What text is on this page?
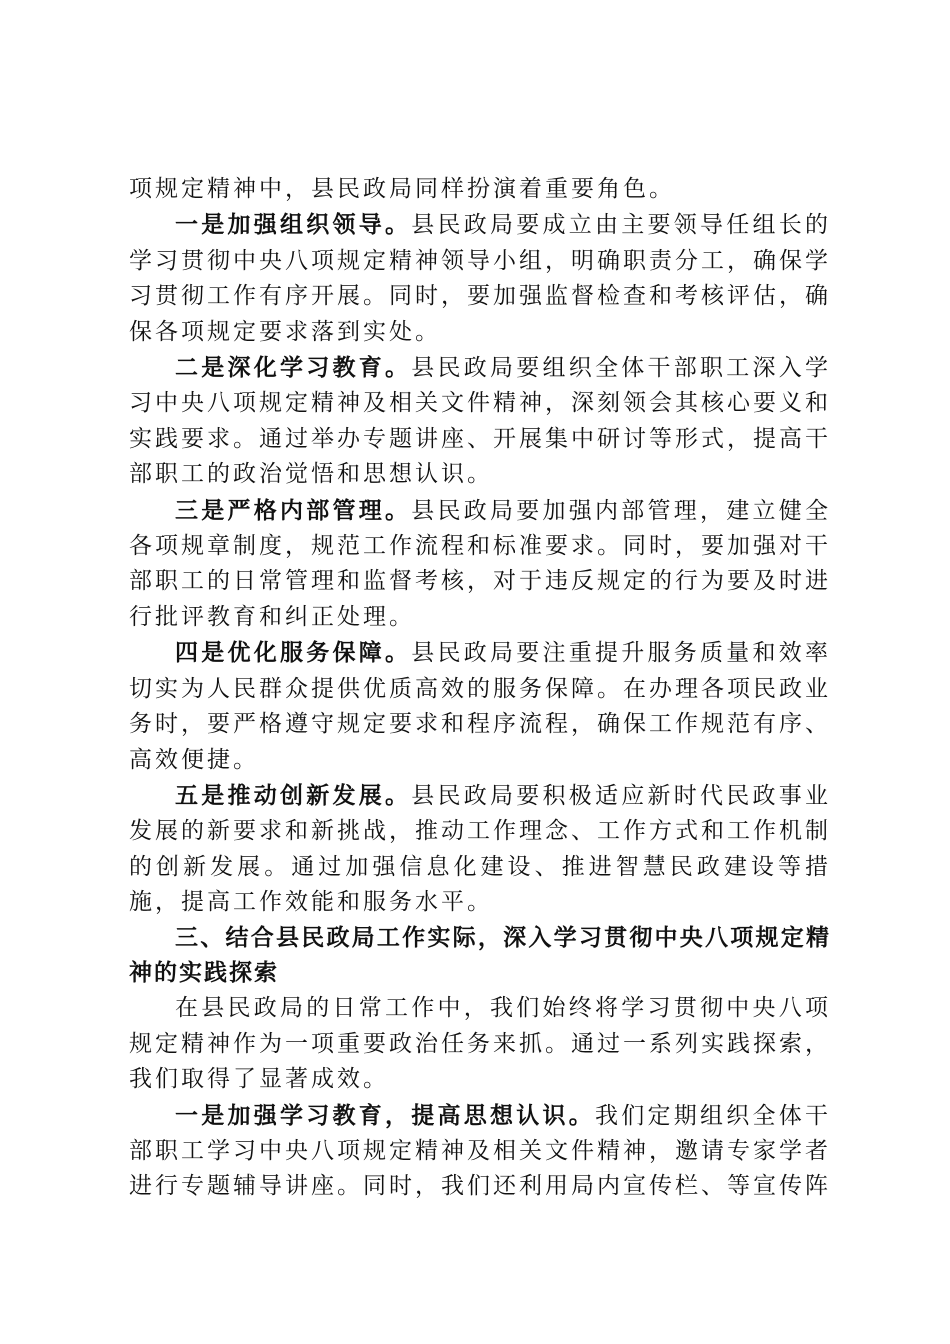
项规定精神中，县民政局同样扮演着重要角色。

一是加强组织领导。县民政局要成立由主要领导任组长的学习贯彻中央八项规定精神领导小组，明确职责分工，确保学习贯彻工作有序开展。同时，要加强监督检查和考核评估，确保各项规定要求落到实处。

二是深化学习教育。县民政局要组织全体干部职工深入学习中央八项规定精神及相关文件精神，深刻领会其核心要义和实践要求。通过举办专题讲座、开展集中研讨等形式，提高干部职工的政治觉悟和思想认识。

三是严格内部管理。县民政局要加强内部管理，建立健全各项规章制度，规范工作流程和标准要求。同时，要加强对干部职工的日常管理和监督考核，对于违反规定的行为要及时进行批评教育和纠正处理。

四是优化服务保障。县民政局要注重提升服务质量和效率切实为人民群众提供优质高效的服务保障。在办理各项民政业务时，要严格遵守规定要求和程序流程，确保工作规范有序、高效便捷。

五是推动创新发展。县民政局要积极适应新时代民政事业发展的新要求和新挑战，推动工作理念、工作方式和工作机制的创新发展。通过加强信息化建设、推进智慧民政建设等措施，提高工作效能和服务水平。

三、结合县民政局工作实际，深入学习贯彻中央八项规定精神的实践探索

在县民政局的日常工作中，我们始终将学习贯彻中央八项规定精神作为一项重要政治任务来抓。通过一系列实践探索，我们取得了显著成效。

一是加强学习教育，提高思想认识。我们定期组织全体干部职工学习中央八项规定精神及相关文件精神，邀请专家学者进行专题辅导讲座。同时，我们还利用局内宣传栏、等宣传阵
